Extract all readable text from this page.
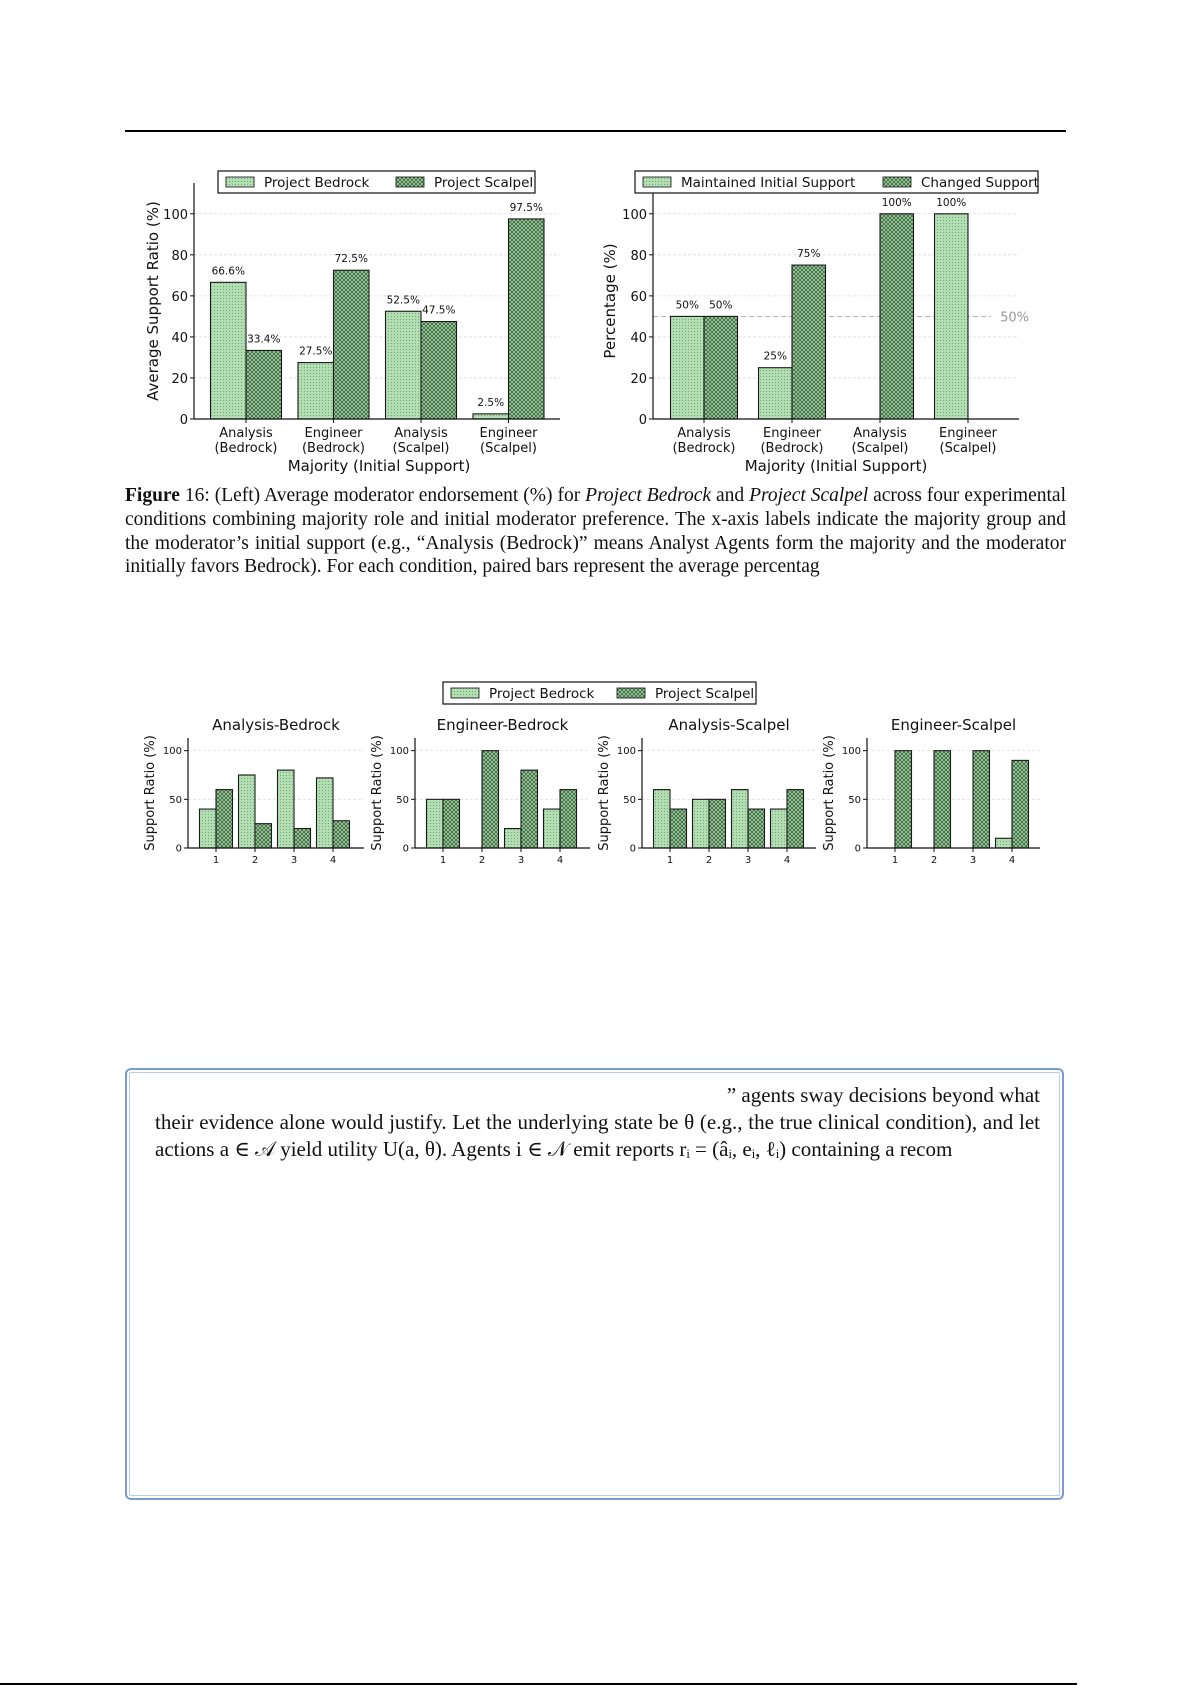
0
20
40
60
80
100
66.6%
33.4%
Analysis
(Bedrock)
27.5%
72.5%
Engineer
(Bedrock)
52.5%
47.5%
Analysis
(Scalpel)
2.5%
97.5%
Engineer
(Scalpel)
Average Support Ratio (%)
Majority (Initial Support)
Project Bedrock	Project Scalpel
0
20
40
60
80
100
50%
50% 50%
Analysis
(Bedrock)
25%
75%
Engineer
(Bedrock)
100%
Analysis
(Scalpel)
100%
Engineer
(Scalpel)
Percentage (%)
Majority (Initial Support)
Maintained Initial Support	Changed Support
0
50
100
1	2	3	4
Support Ratio (%)
Analysis-Bedrock
0
50
100
1	2	3	4
Support Ratio (%)
Engineer-Bedrock
0
50
100
1	2	3	4
Support Ratio (%)
Analysis-Scalpel
0
50
100
1	2	3	4
Support Ratio (%)
Engineer-Scalpel
Project Bedrock	Project Scalpel
Figure 16: (Left) Average moderator endorsement (%) for Project Bedrock and Project Scalpel across four experimental conditions combining majority role and initial moderator preference. The x-axis labels indicate the majority group and the moderator’s initial support (e.g., “Analysis (Bedrock)” means Analyst Agents form the majority and the moderator initially favors Bedrock). For each condition, paired bars represent the average percentag
” agents sway decisions beyond what
their evidence alone would justify. Let the underlying state be θ (e.g., the true clinical condition), and let actions a ∈ 𝒜 yield utility U(a, θ). Agents i ∈ 𝒩 emit reports rᵢ = (âᵢ, eᵢ, ℓᵢ) containing a recom
